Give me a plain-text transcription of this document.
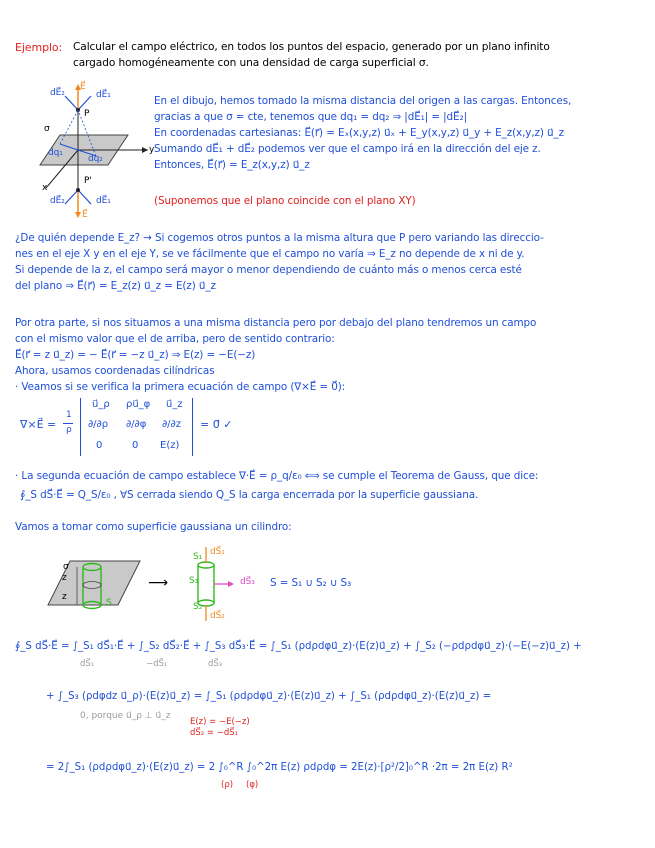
Ejemplo: Calcular el campo eléctrico, en todos los puntos del espacio, generado por un plano infinito
cargado homogéneamente con una densidad de carga superficial σ.
dE⃗₂
E⃗
dE⃗₁
σ
y
x
dq₁
dq₂
P
P'
dE⃗₂	dE⃗₁
E⃗
En el dibujo, hemos tomado la misma distancia del origen a las cargas. Entonces,
gracias a que σ = cte, tenemos que dq₁ = dq₂ ⇒ |dE⃗₁| = |dE⃗₂|
En coordenadas cartesianas: E⃗(r⃗) = Eₓ(x,y,z) u⃗ₓ + E_y(x,y,z) u⃗_y + E_z(x,y,z) u⃗_z
Sumando dE⃗₁ + dE⃗₂ podemos ver que el campo irá en la dirección del eje z.
Entonces, E⃗(r⃗) = E_z(x,y,z) u⃗_z
(Suponemos que el plano coincide con el plano XY)
¿De quién depende E_z? → Si cogemos otros puntos a la misma altura que P pero variando las direccio-
nes en el eje X y en el eje Y, se ve fácilmente que el campo no varía ⇒ E_z no depende de x ni de y.
Si depende de la z, el campo será mayor o menor dependiendo de cuánto más o menos cerca esté
del plano ⇒ E⃗(r⃗) = E_z(z) u⃗_z = E(z) u⃗_z
Por otra parte, si nos situamos a una misma distancia pero por debajo del plano tendremos un campo
con el mismo valor que el de arriba, pero de sentido contrario:
E⃗(r⃗ = z u⃗_z) = − E⃗(r⃗ = −z u⃗_z) ⇒ E(z) = −E(−z)
Ahora, usamos coordenadas cilíndricas
· Veamos si se verifica la primera ecuación de campo (∇×E⃗ = 0⃗):
∇×E⃗ =
1
ρ
u⃗_ρ ρu⃗_φ u⃗_z
∂/∂ρ ∂/∂φ ∂/∂z
0	0 E(z)
= 0⃗ ✓
· La segunda ecuación de campo establece ∇·E⃗ = ρ_q/ε₀ ⟺ se cumple el Teorema de Gauss, que dice:
∮_S dS⃗·E⃗ = Q_S/ε₀ , ∀S cerrada siendo Q_S la carga encerrada por la superficie gaussiana.
Vamos a tomar como superficie gaussiana un cilindro:
σ
z
z
S
⟶
S₁ dS⃗₁
S₃	dS⃗₃
S₂
dS⃗₂
S = S₁ ∪ S₂ ∪ S₃
∮_S dS⃗·E⃗ = ∫_S₁ dS⃗₁·E⃗ + ∫_S₂ dS⃗₂·E⃗ + ∫_S₃ dS⃗₃·E⃗ = ∫_S₁ (ρdρdφu⃗_z)·(E(z)u⃗_z) + ∫_S₂ (−ρdρdφu⃗_z)·(−E(−z)u⃗_z) +
dS⃗₁	−dS⃗₁	dS⃗₃
+ ∫_S₃ (ρdφdz u⃗_ρ)·(E(z)u⃗_z) = ∫_S₁ (ρdρdφu⃗_z)·(E(z)u⃗_z) + ∫_S₁ (ρdρdφu⃗_z)·(E(z)u⃗_z) =
0, porque u⃗_ρ ⊥ u⃗_z
E(z) = −E(−z)
dS⃗₂ = −dS⃗₁
= 2∫_S₁ (ρdρdφu⃗_z)·(E(z)u⃗_z) = 2 ∫₀^R ∫₀^2π E(z) ρdρdφ = 2E(z)·[ρ²/2]₀^R ·2π = 2π E(z) R²
(ρ) (φ)
